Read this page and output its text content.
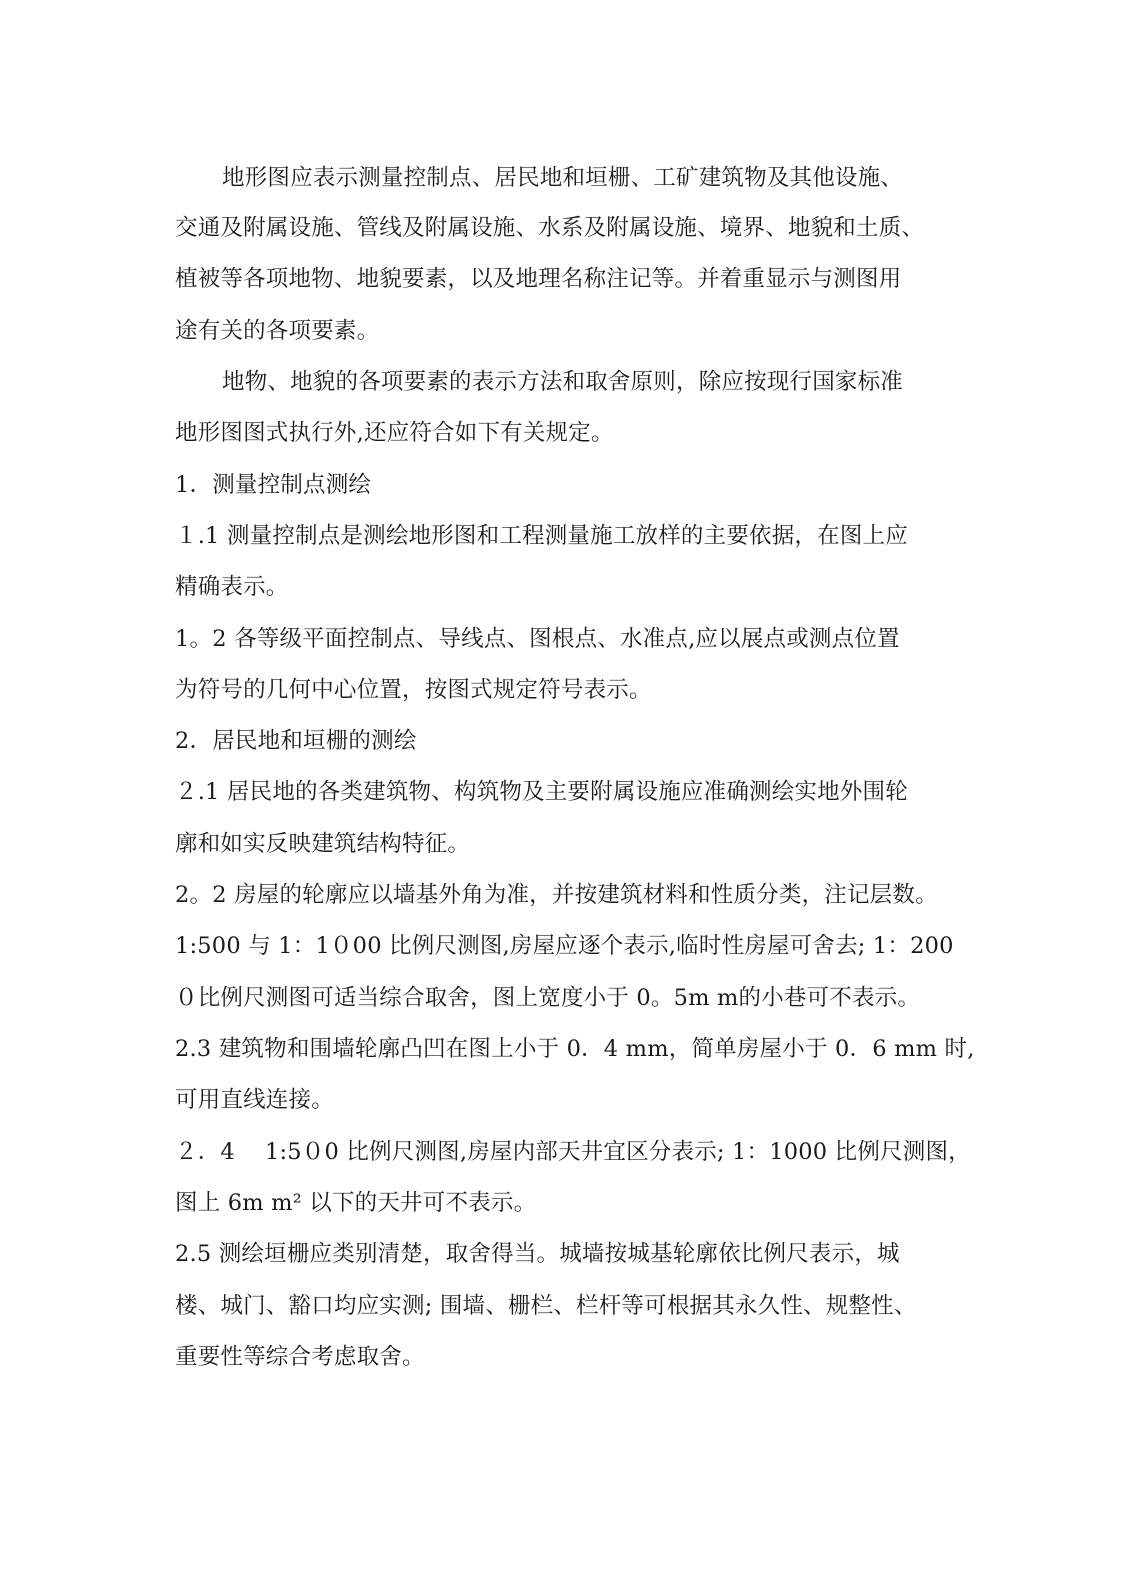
地形图应表示测量控制点、居民地和垣栅、工矿建筑物及其他设施、
交通及附属设施、管线及附属设施、水系及附属设施、境界、地貌和土质、
植被等各项地物、地貌要素，以及地理名称注记等。并着重显示与测图用
途有关的各项要素。
地物、地貌的各项要素的表示方法和取舍原则，除应按现行国家标准
地形图图式执行外,还应符合如下有关规定。
1．测量控制点测绘
１.1 测量控制点是测绘地形图和工程测量施工放样的主要依据，在图上应
精确表示。
1。2 各等级平面控制点、导线点、图根点、水准点,应以展点或测点位置
为符号的几何中心位置，按图式规定符号表示。
2．居民地和垣栅的测绘
２.1 居民地的各类建筑物、构筑物及主要附属设施应准确测绘实地外围轮
廓和如实反映建筑结构特征。
2。2 房屋的轮廓应以墙基外角为准，并按建筑材料和性质分类，注记层数。
1:500 与 1：1０00 比例尺测图,房屋应逐个表示,临时性房屋可舍去; 1：200
０比例尺测图可适当综合取舍，图上宽度小于 0。5m m的小巷可不表示。
2.3 建筑物和围墙轮廓凸凹在图上小于 0．4 mm，简单房屋小于 0．6 mm 时,
可用直线连接。
２．4　 1:5０0 比例尺测图,房屋内部天井宜区分表示; 1：1000 比例尺测图，
图上 6m m² 以下的天井可不表示。
2.5 测绘垣栅应类别清楚，取舍得当。城墙按城基轮廓依比例尺表示，城
楼、城门、豁口均应实测; 围墙、栅栏、栏杆等可根据其永久性、规整性、
重要性等综合考虑取舍。
